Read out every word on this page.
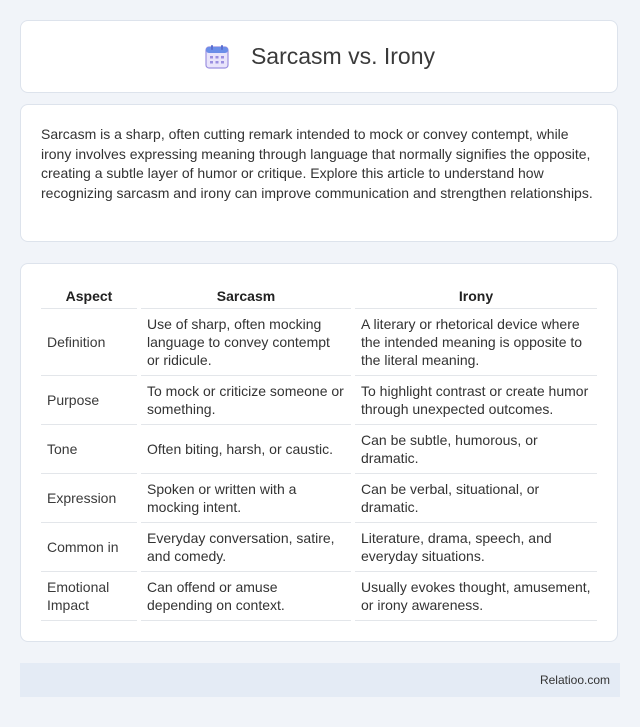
Sarcasm vs. Irony

Sarcasm is a sharp, often cutting remark intended to mock or convey contempt, while irony involves expressing meaning through language that normally signifies the opposite, creating a subtle layer of humor or critique. Explore this article to understand how recognizing sarcasm and irony can improve communication and strengthen relationships.

Aspect	Sarcasm	Irony
Definition	Use of sharp, often mocking language to convey contempt or ridicule.	A literary or rhetorical device where the intended meaning is opposite to the literal meaning.
Purpose	To mock or criticize someone or something.	To highlight contrast or create humor through unexpected outcomes.
Tone	Often biting, harsh, or caustic.	Can be subtle, humorous, or dramatic.
Expression	Spoken or written with a mocking intent.	Can be verbal, situational, or dramatic.
Common in	Everyday conversation, satire, and comedy.	Literature, drama, speech, and everyday situations.
Emotional Impact	Can offend or amuse depending on context.	Usually evokes thought, amusement, or irony awareness.
Relatioo.com
